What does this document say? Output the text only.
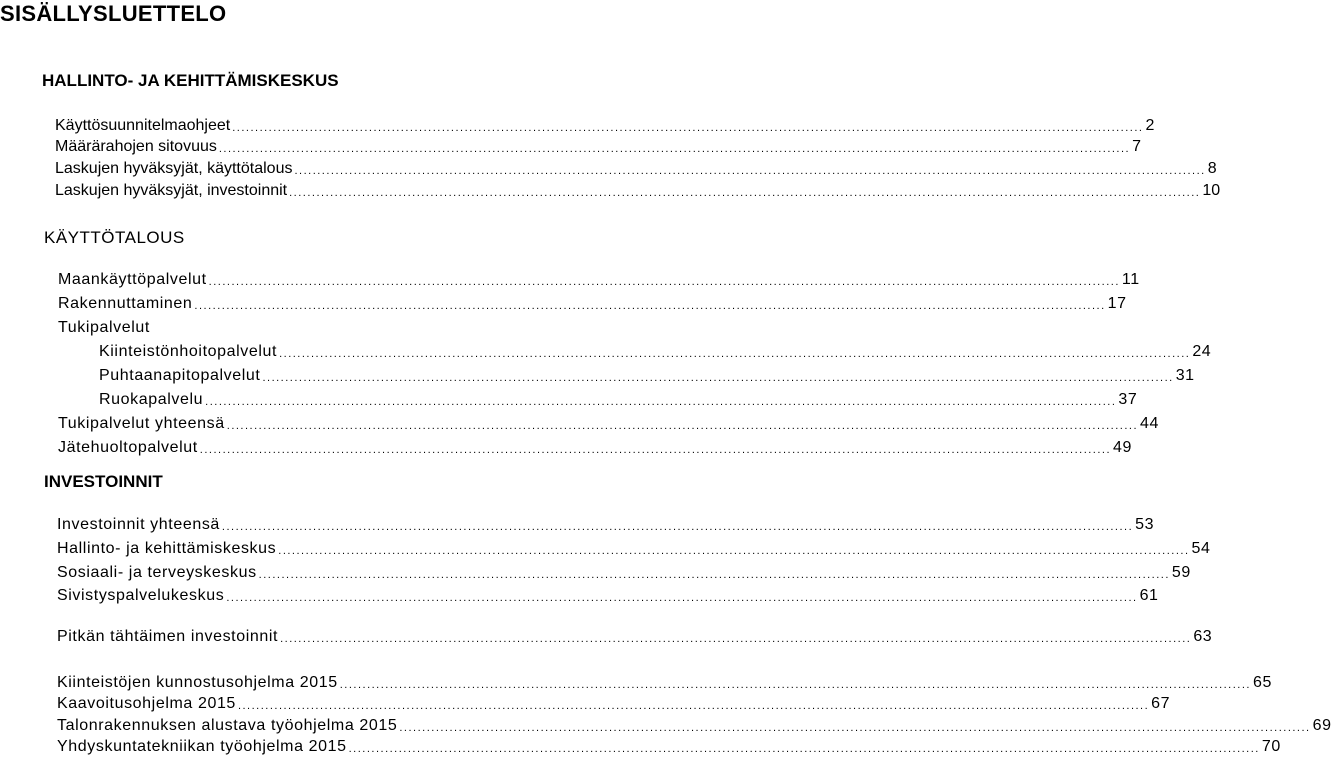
SISÄLLYSLUETTELO
HALLINTO- JA KEHITTÄMISKESKUS
Käyttösuunnitelmaohjeet .....	2
Määrärahojen sitovuus .....	7
Laskujen hyväksyjät, käyttötalous .....	8
Laskujen hyväksyjät, investoinnit .....	10
KÄYTTÖTALOUS
Maankäyttöpalvelut .....	11
Rakennuttaminen .....	17
Tukipalvelut
Kiinteistönhoitopalvelut .....	24
Puhtaanapitopalvelut .....	31
Ruokapalvelu .....	37
Tukipalvelut yhteensä .....	44
Jätehuoltopalvelut .....	49
INVESTOINNIT
Investoinnit yhteensä .....	53
Hallinto- ja kehittämiskeskus .....	54
Sosiaali- ja terveyskeskus .....	59
Sivistyspalvelukeskus .....	61
Pitkän tähtäimen investoinnit .....	63
Kiinteistöjen kunnostusohjelma 2015 .....	65
Kaavoitusohjelma 2015 .....	67
Talonrakennuksen alustava työohjelma 2015 .....	69
Yhdyskuntatekniikan työohjelma 2015 .....	70
